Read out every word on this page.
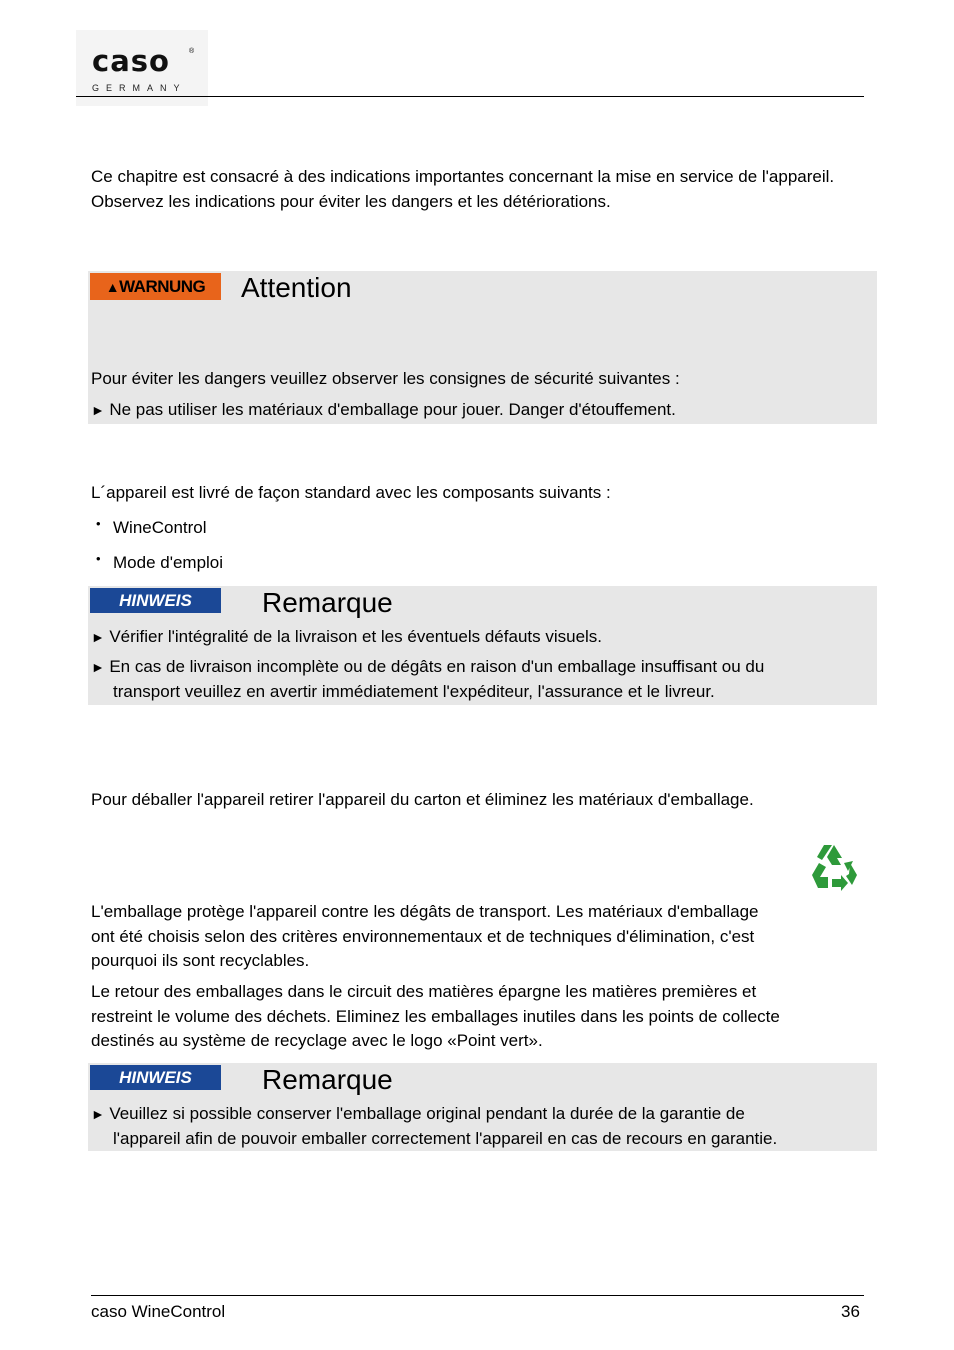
caso	®
GERMANY

Ce chapitre est consacré à des indications importantes concernant la mise en service de l'appareil. Observez les indications pour éviter les dangers et les détériorations.

▲WARNUNG	Attention

Pour éviter les dangers veuillez observer les consignes de sécurité suivantes :

► Ne pas utiliser les matériaux d'emballage pour jouer. Danger d'étouffement.

L´appareil est livré de façon standard avec les composants suivants :

• WineControl
• Mode d'emploi
HINWEIS	Remarque
► Vérifier l'intégralité de la livraison et les éventuels défauts visuels.
► En cas de livraison incomplète ou de dégâts en raison d'un emballage insuffisant ou du

transport veuillez en avertir immédiatement l'expéditeur, l'assurance et le livreur.

Pour déballer l'appareil retirer l'appareil du carton et éliminez les matériaux d'emballage.

L'emballage protège l'appareil contre les dégâts de transport. Les matériaux d'emballage

ont été choisis selon des critères environnementaux et de techniques d'élimination, c'est

pourquoi ils sont recyclables.

Le retour des emballages dans le circuit des matières épargne les matières premières et

restreint le volume des déchets. Eliminez les emballages inutiles dans les points de collecte

destinés au système de recyclage avec le logo «Point vert».

HINWEIS	Remarque
► Veuillez si possible conserver l'emballage original pendant la durée de la garantie de

l'appareil afin de pouvoir emballer correctement l'appareil en cas de recours en garantie.

caso WineControl	36
